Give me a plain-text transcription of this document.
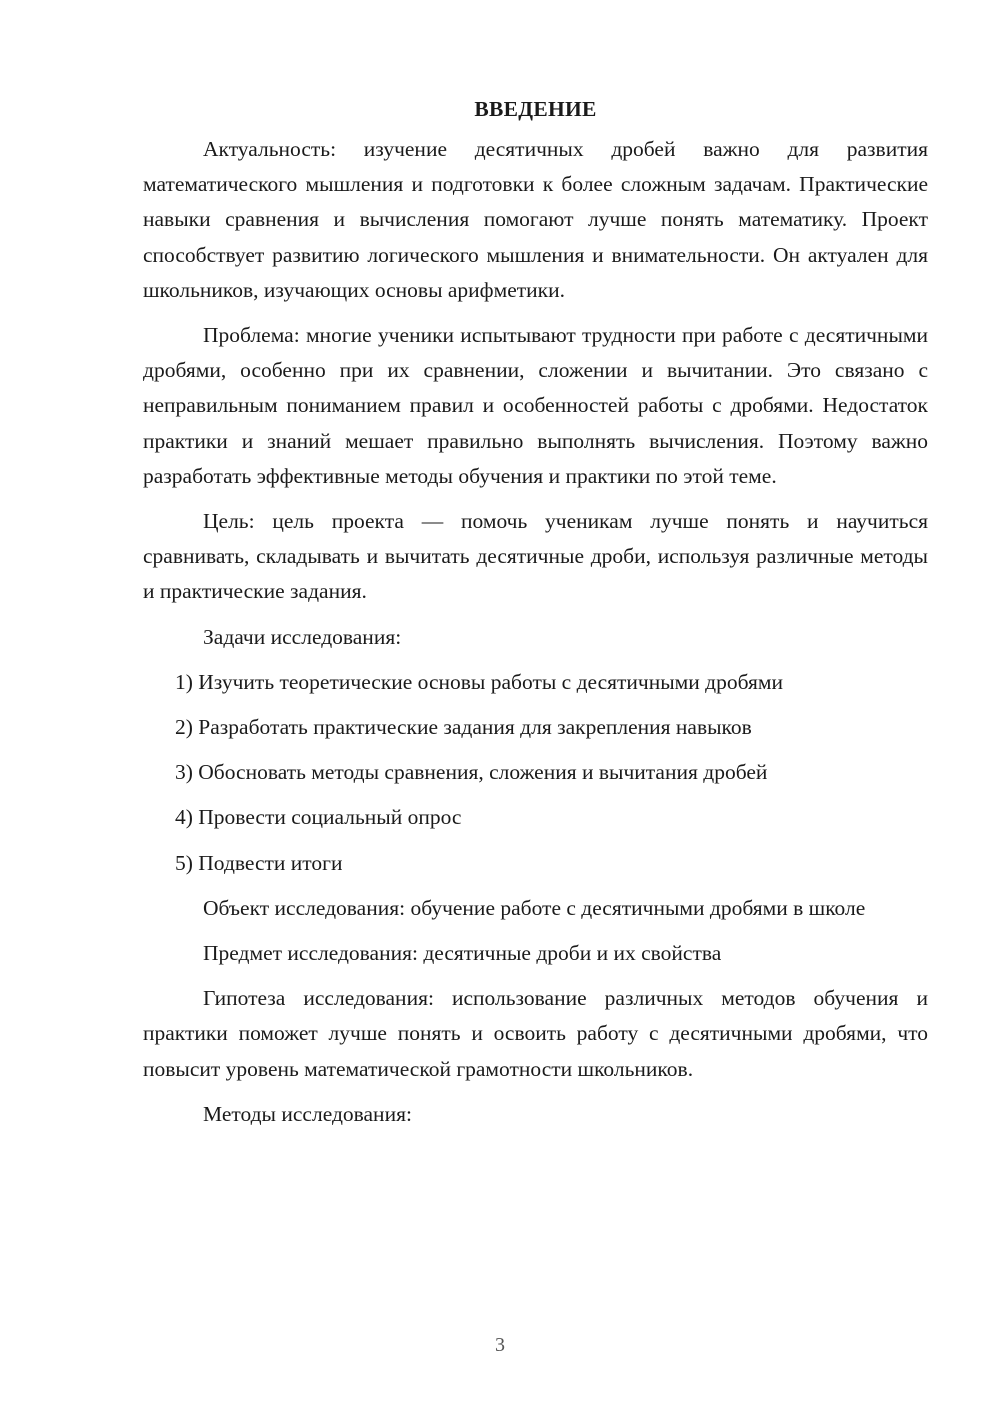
ВВЕДЕНИЕ

Актуальность: изучение десятичных дробей важно для развития математического мышления и подготовки к более сложным задачам. Практические навыки сравнения и вычисления помогают лучше понять математику. Проект способствует развитию логического мышления и внимательности. Он актуален для школьников, изучающих основы арифметики.

Проблема: многие ученики испытывают трудности при работе с десятичными дробями, особенно при их сравнении, сложении и вычитании. Это связано с неправильным пониманием правил и особенностей работы с дробями. Недостаток практики и знаний мешает правильно выполнять вычисления. Поэтому важно разработать эффективные методы обучения и практики по этой теме.

Цель: цель проекта — помочь ученикам лучше понять и научиться сравнивать, складывать и вычитать десятичные дроби, используя различные методы и практические задания.

Задачи исследования:

1) Изучить теоретические основы работы с десятичными дробями
2) Разработать практические задания для закрепления навыков
3) Обосновать методы сравнения, сложения и вычитания дробей
4) Провести социальный опрос
5) Подвести итоги

Объект исследования: обучение работе с десятичными дробями в школе

Предмет исследования: десятичные дроби и их свойства

Гипотеза исследования: использование различных методов обучения и практики поможет лучше понять и освоить работу с десятичными дробями, что повысит уровень математической грамотности школьников.

Методы исследования:

3
